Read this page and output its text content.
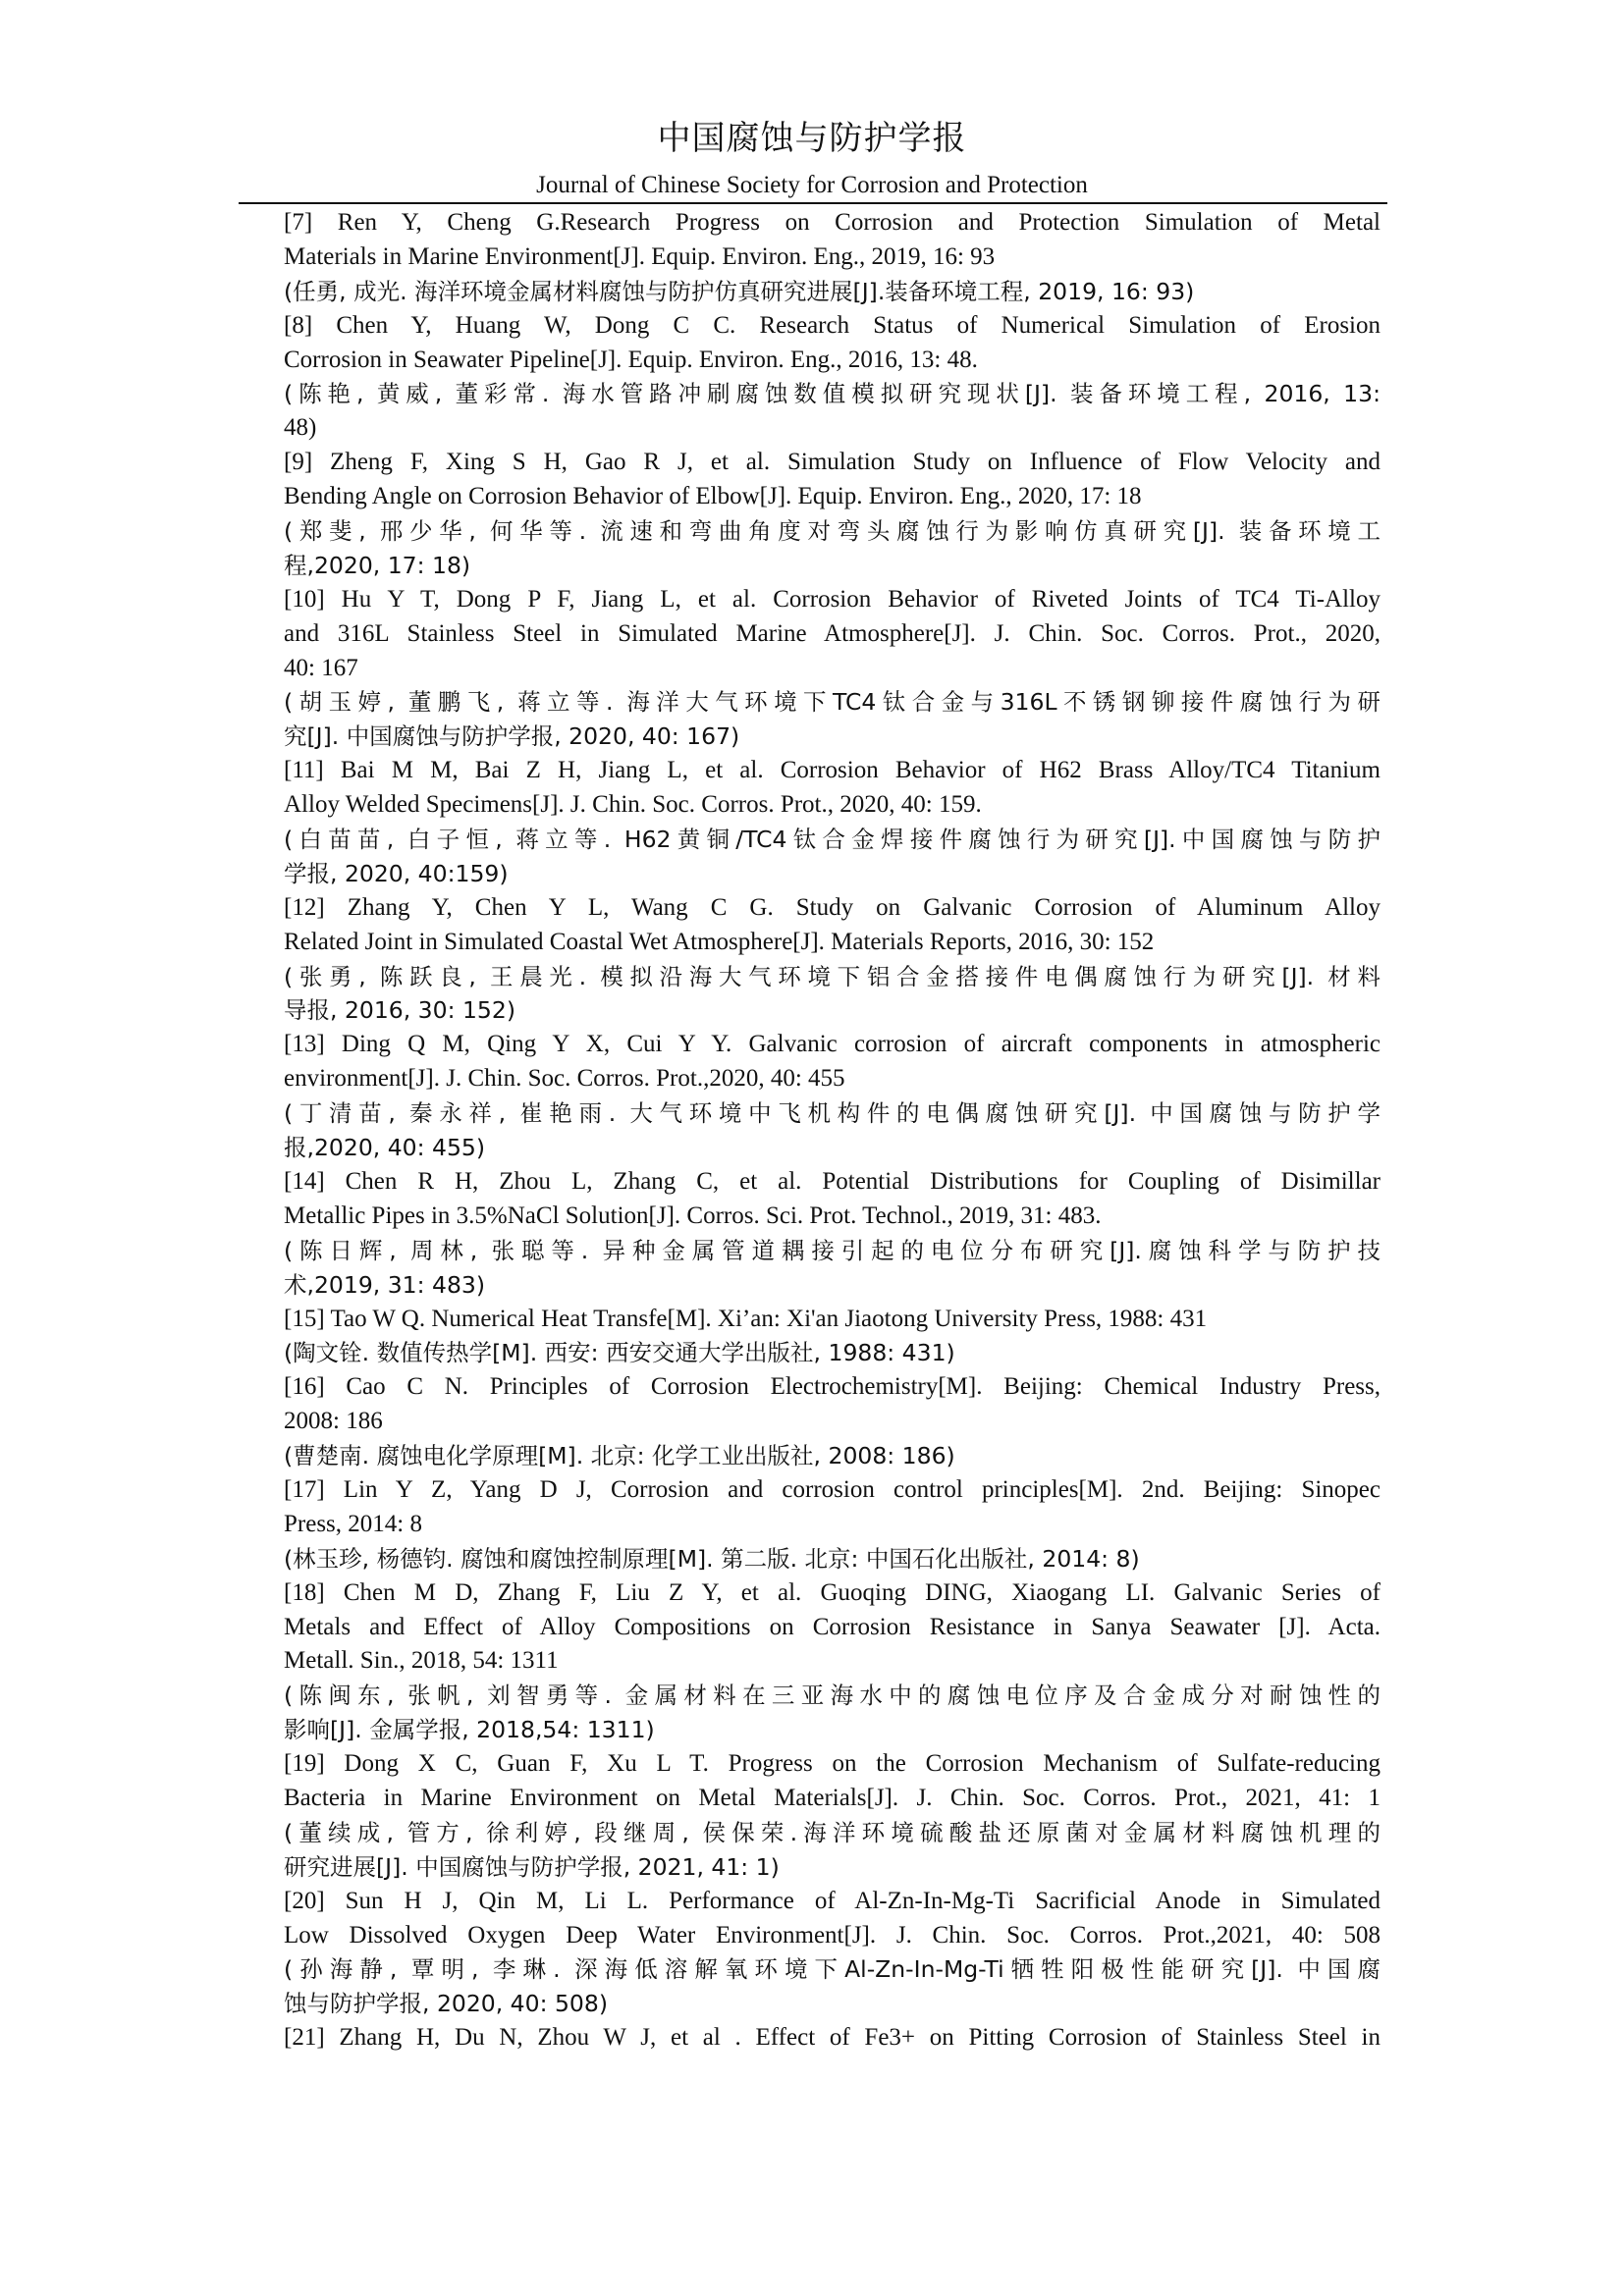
中国腐蚀与防护学报
Journal of Chinese Society for Corrosion and Protection
[7] Ren Y, Cheng G.Research Progress on Corrosion and Protection Simulation of Metal
Materials in Marine Environment[J]. Equip. Environ. Eng., 2019, 16: 93
(任勇, 成光. 海洋环境金属材料腐蚀与防护仿真研究进展[J].装备环境工程, 2019, 16: 93)
[8] Chen Y, Huang W, Dong C C. Research Status of Numerical Simulation of Erosion
Corrosion in Seawater Pipeline[J]. Equip. Environ. Eng., 2016, 13: 48.
(陈艳, 黄威, 董彩常. 海水管路冲刷腐蚀数值模拟研究现状[J]. 装备环境工程, 2016, 13:
48)
[9] Zheng F, Xing S H, Gao R J, et al. Simulation Study on Influence of Flow Velocity and
Bending Angle on Corrosion Behavior of Elbow[J]. Equip. Environ. Eng., 2020, 17: 18
(郑斐, 邢少华, 何华等. 流速和弯曲角度对弯头腐蚀行为影响仿真研究[J]. 装备环境工
程,2020, 17: 18)
[10] Hu Y T, Dong P F, Jiang L, et al. Corrosion Behavior of Riveted Joints of TC4 Ti-Alloy
and 316L Stainless Steel in Simulated Marine Atmosphere[J]. J. Chin. Soc. Corros. Prot., 2020,
40: 167
(胡玉婷, 董鹏飞, 蒋立等. 海洋大气环境下TC4钛合金与316L不锈钢铆接件腐蚀行为研
究[J]. 中国腐蚀与防护学报, 2020, 40: 167)
[11] Bai M M, Bai Z H, Jiang L, et al. Corrosion Behavior of H62 Brass Alloy/TC4 Titanium
Alloy Welded Specimens[J]. J. Chin. Soc. Corros. Prot., 2020, 40: 159.
(白苗苗, 白子恒, 蒋立等. H62黄铜/TC4钛合金焊接件腐蚀行为研究[J].中国腐蚀与防护
学报, 2020, 40:159)
[12] Zhang Y, Chen Y L, Wang C G. Study on Galvanic Corrosion of Aluminum Alloy
Related Joint in Simulated Coastal Wet Atmosphere[J]. Materials Reports, 2016, 30: 152
(张勇, 陈跃良, 王晨光. 模拟沿海大气环境下铝合金搭接件电偶腐蚀行为研究[J]. 材料
导报, 2016, 30: 152)
[13] Ding Q M, Qing Y X, Cui Y Y. Galvanic corrosion of aircraft components in atmospheric
environment[J]. J. Chin. Soc. Corros. Prot.,2020, 40: 455
(丁清苗, 秦永祥, 崔艳雨. 大气环境中飞机构件的电偶腐蚀研究[J]. 中国腐蚀与防护学
报,2020, 40: 455)
[14] Chen R H, Zhou L, Zhang C, et al. Potential Distributions for Coupling of Disimillar
Metallic Pipes in 3.5%NaCl Solution[J]. Corros. Sci. Prot. Technol., 2019, 31: 483.
(陈日辉, 周林, 张聪等. 异种金属管道耦接引起的电位分布研究[J].腐蚀科学与防护技
术,2019, 31: 483)
[15] Tao W Q. Numerical Heat Transfe[M]. Xi’an: Xi'an Jiaotong University Press, 1988: 431
(陶文铨. 数值传热学[M]. 西安: 西安交通大学出版社, 1988: 431)
[16] Cao C N. Principles of Corrosion Electrochemistry[M]. Beijing: Chemical Industry Press,
2008: 186
(曹楚南. 腐蚀电化学原理[M]. 北京: 化学工业出版社, 2008: 186)
[17] Lin Y Z, Yang D J, Corrosion and corrosion control principles[M]. 2nd. Beijing: Sinopec
Press, 2014: 8
(林玉珍, 杨德钧. 腐蚀和腐蚀控制原理[M]. 第二版. 北京: 中国石化出版社, 2014: 8)
[18] Chen M D, Zhang F, Liu Z Y, et al. Guoqing DING, Xiaogang LI. Galvanic Series of
Metals and Effect of Alloy Compositions on Corrosion Resistance in Sanya Seawater [J]. Acta.
Metall. Sin., 2018, 54: 1311
(陈闽东, 张帆, 刘智勇等. 金属材料在三亚海水中的腐蚀电位序及合金成分对耐蚀性的
影响[J]. 金属学报, 2018,54: 1311)
[19] Dong X C, Guan F, Xu L T. Progress on the Corrosion Mechanism of Sulfate-reducing
Bacteria in Marine Environment on Metal Materials[J]. J. Chin. Soc. Corros. Prot., 2021, 41: 1
(董续成, 管方, 徐利婷, 段继周, 侯保荣.海洋环境硫酸盐还原菌对金属材料腐蚀机理的
研究进展[J]. 中国腐蚀与防护学报, 2021, 41: 1)
[20] Sun H J, Qin M, Li L. Performance of Al-Zn-In-Mg-Ti Sacrificial Anode in Simulated
Low Dissolved Oxygen Deep Water Environment[J]. J. Chin. Soc. Corros. Prot.,2021, 40: 508
(孙海静, 覃明, 李琳. 深海低溶解氧环境下Al-Zn-In-Mg-Ti牺牲阳极性能研究[J]. 中国腐
蚀与防护学报, 2020, 40: 508)
[21] Zhang H, Du N, Zhou W J, et al . Effect of Fe3+ on Pitting Corrosion of Stainless Steel in
